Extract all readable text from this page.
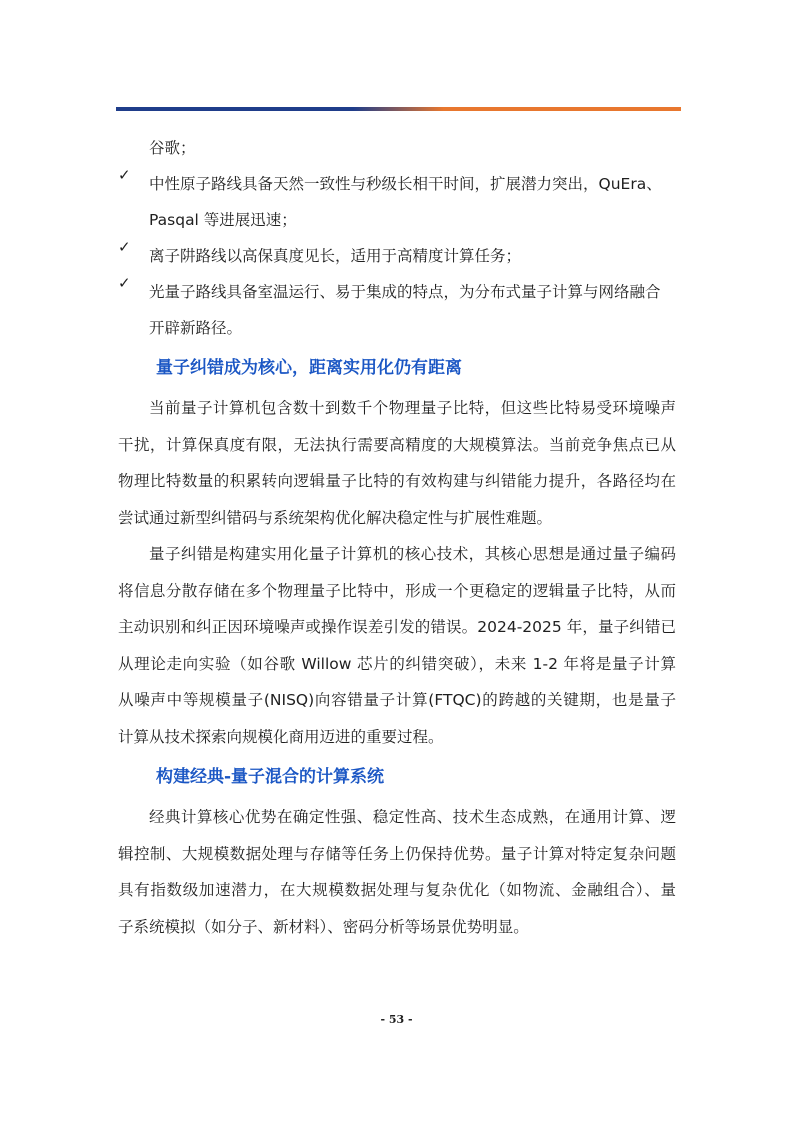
谷歌；
✓	中性原子路线具备天然一致性与秒级长相干时间，扩展潜力突出，QuEra、
Pasqal 等进展迅速；
✓	离子阱路线以高保真度见长，适用于高精度计算任务；
✓	光量子路线具备室温运行、易于集成的特点，为分布式量子计算与网络融合
开辟新路径。
量子纠错成为核心，距离实用化仍有距离
当前量子计算机包含数十到数千个物理量子比特，但这些比特易受环境噪声
干扰，计算保真度有限，无法执行需要高精度的大规模算法。当前竞争焦点已从
物理比特数量的积累转向逻辑量子比特的有效构建与纠错能力提升，各路径均在
尝试通过新型纠错码与系统架构优化解决稳定性与扩展性难题。
量子纠错是构建实用化量子计算机的核心技术，其核心思想是通过量子编码
将信息分散存储在多个物理量子比特中，形成一个更稳定的逻辑量子比特，从而
主动识别和纠正因环境噪声或操作误差引发的错误。2024-2025 年，量子纠错已
从理论走向实验（如谷歌 Willow 芯片的纠错突破），未来 1-2 年将是量子计算
从噪声中等规模量子(NISQ)向容错量子计算(FTQC)的跨越的关键期，也是量子
计算从技术探索向规模化商用迈进的重要过程。
构建经典-量子混合的计算系统
经典计算核心优势在确定性强、稳定性高、技术生态成熟，在通用计算、逻
辑控制、大规模数据处理与存储等任务上仍保持优势。量子计算对特定复杂问题
具有指数级加速潜力，在大规模数据处理与复杂优化（如物流、金融组合）、量
子系统模拟（如分子、新材料）、密码分析等场景优势明显。
- 53 -
